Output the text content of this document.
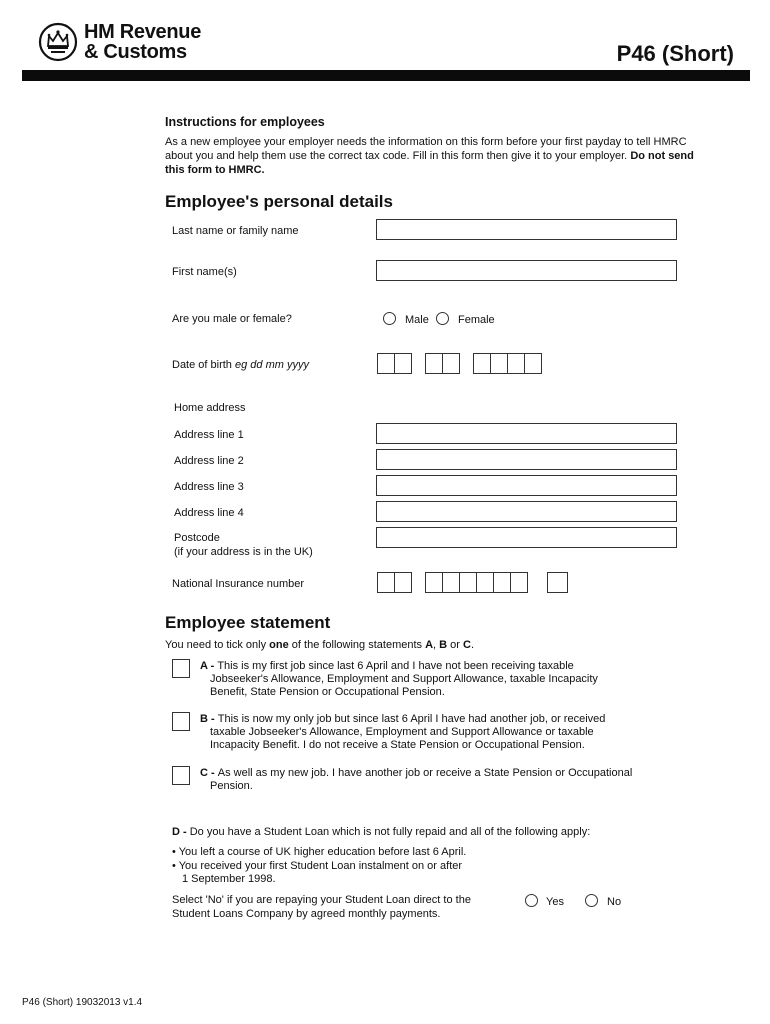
HM Revenue
& Customs	P46 (Short)
Instructions for employees
As a new employee your employer needs the information on this form before your first payday to tell HMRC about you and help them use the correct tax code. Fill in this form then give it to your employer. Do not send this form to HMRC.
Employee's personal details
Last name or family name
First name(s)
Are you male or female?	Male	Female
Date of birth eg dd mm yyyy
Home address
Address line 1
Address line 2
Address line 3
Address line 4
Postcode
(if your address is in the UK)
National Insurance number
Employee statement
You need to tick only one of the following statements A, B or C.
A - This is my first job since last 6 April and I have not been receiving taxable
Jobseeker's Allowance, Employment and Support Allowance, taxable Incapacity
Benefit, State Pension or Occupational Pension.
B - This is now my only job but since last 6 April I have had another job, or received
taxable Jobseeker's Allowance, Employment and Support Allowance or taxable
Incapacity Benefit. I do not receive a State Pension or Occupational Pension.
C - As well as my new job. I have another job or receive a State Pension or Occupational
Pension.
D - Do you have a Student Loan which is not fully repaid and all of the following apply:
• You left a course of UK higher education before last 6 April.
• You received your first Student Loan instalment on or after
1 September 1998.
Select 'No' if you are repaying your Student Loan direct to the
Student Loans Company by agreed monthly payments.
Yes	No
P46 (Short) 19032013 v1.4
